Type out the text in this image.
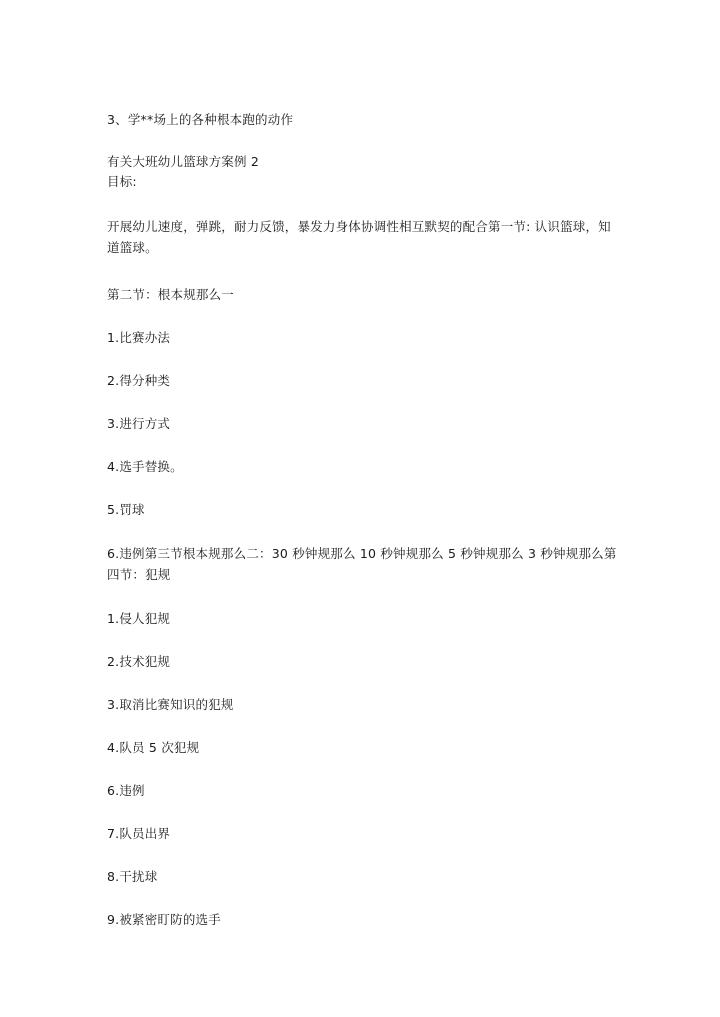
3、学**场上的各种根本跑的动作
有关大班幼儿篮球方案例 2
目标:
开展幼儿速度，弹跳，耐力反馈，暴发力身体协调性相互默契的配合第一节: 认识篮球，知道篮球。
第二节：根本规那么一
1.比赛办法
2.得分种类
3.进行方式
4.选手替换。
5.罚球
6.违例第三节根本规那么二：30 秒钟规那么 10 秒钟规那么 5 秒钟规那么 3 秒钟规那么第四节：犯规
1.侵人犯规
2.技术犯规
3.取消比赛知识的犯规
4.队员 5 次犯规
6.违例
7.队员出界
8.干扰球
9.被紧密盯防的选手
